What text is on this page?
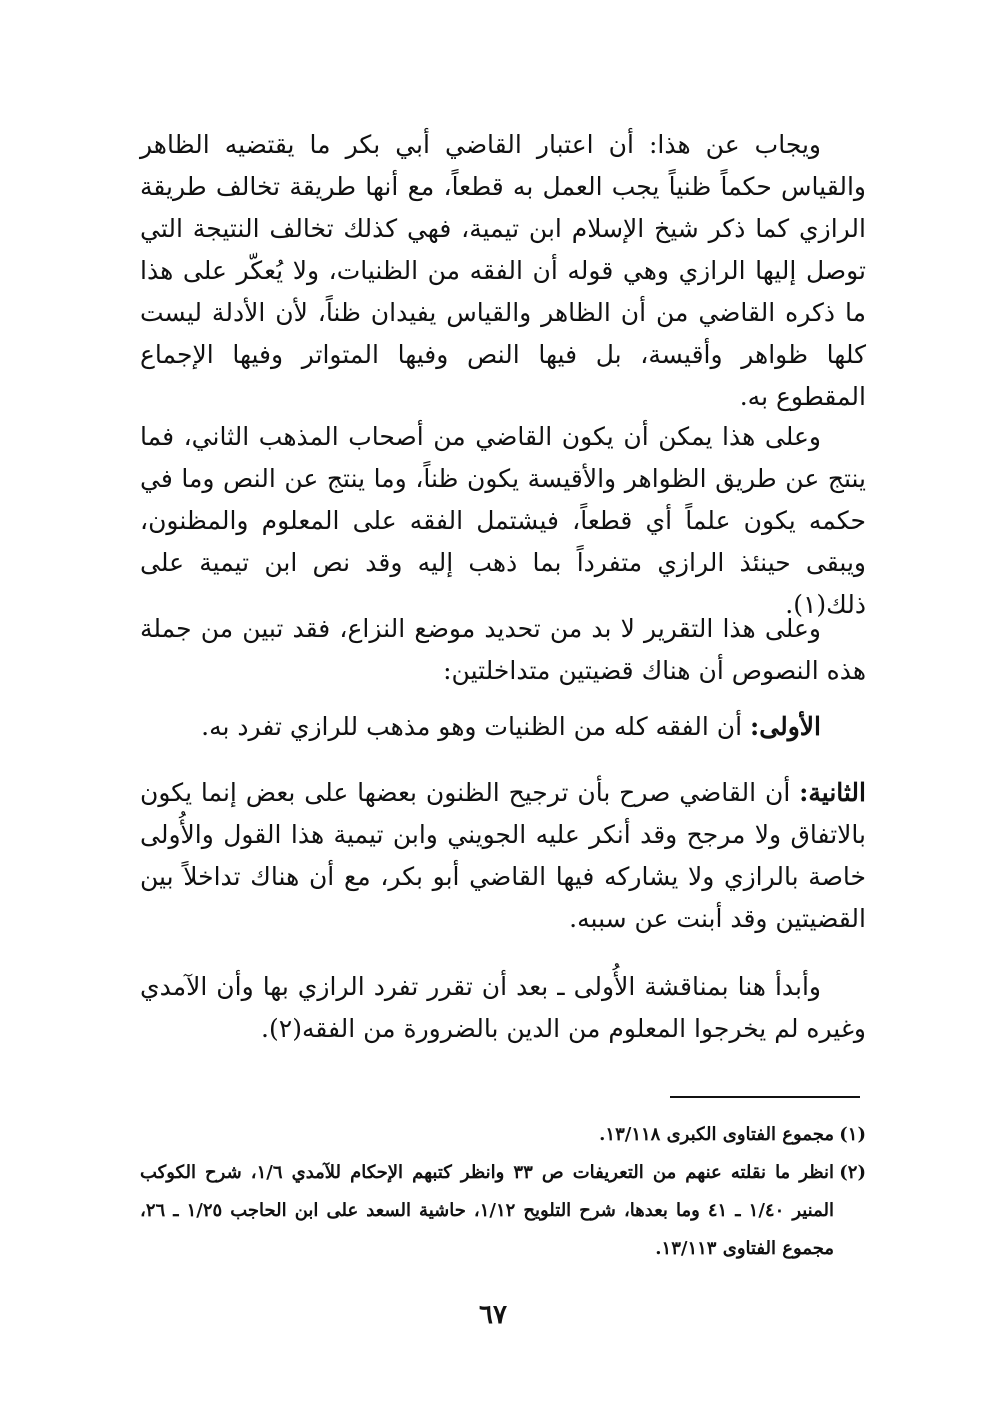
ويجاب عن هذا: أن اعتبار القاضي أبي بكر ما يقتضيه الظاهر والقياس حكماً ظنياً يجب العمل به قطعاً، مع أنها طريقة تخالف طريقة الرازي كما ذكر شيخ الإسلام ابن تيمية، فهي كذلك تخالف النتيجة التي توصل إليها الرازي وهي قوله أن الفقه من الظنيات، ولا يُعكّر على هذا ما ذكره القاضي من أن الظاهر والقياس يفيدان ظناً، لأن الأدلة ليست كلها ظواهر وأقيسة، بل فيها النص وفيها المتواتر وفيها الإجماع المقطوع به.

وعلى هذا يمكن أن يكون القاضي من أصحاب المذهب الثاني، فما ينتج عن طريق الظواهر والأقيسة يكون ظناً، وما ينتج عن النص وما في حكمه يكون علماً أي قطعاً، فيشتمل الفقه على المعلوم والمظنون، ويبقى حينئذ الرازي متفرداً بما ذهب إليه وقد نص ابن تيمية على ذلك(١).

وعلى هذا التقرير لا بد من تحديد موضع النزاع، فقد تبين من جملة هذه النصوص أن هناك قضيتين متداخلتين:

الأولى: أن الفقه كله من الظنيات وهو مذهب للرازي تفرد به.

الثانية: أن القاضي صرح بأن ترجيح الظنون بعضها على بعض إنما يكون بالاتفاق ولا مرجح وقد أنكر عليه الجويني وابن تيمية هذا القول والأُولى خاصة بالرازي ولا يشاركه فيها القاضي أبو بكر، مع أن هناك تداخلاً بين القضيتين وقد أبنت عن سببه.

وأبدأ هنا بمناقشة الأُولى ـ بعد أن تقرر تفرد الرازي بها وأن الآمدي وغيره لم يخرجوا المعلوم من الدين بالضرورة من الفقه(٢).

(١)
مجموع الفتاوى الكبرى ١٣/١١٨.
(٢)
انظر ما نقلته عنهم من التعريفات ص ٣٣ وانظر كتبهم الإحكام للآمدي ١/٦، شرح الكوكب المنير ١/٤٠ ـ ٤١ وما بعدها، شرح التلويح ١/١٢، حاشية السعد على ابن الحاجب ١/٢٥ ـ ٢٦، مجموع الفتاوى ١٣/١١٣.
٦٧
